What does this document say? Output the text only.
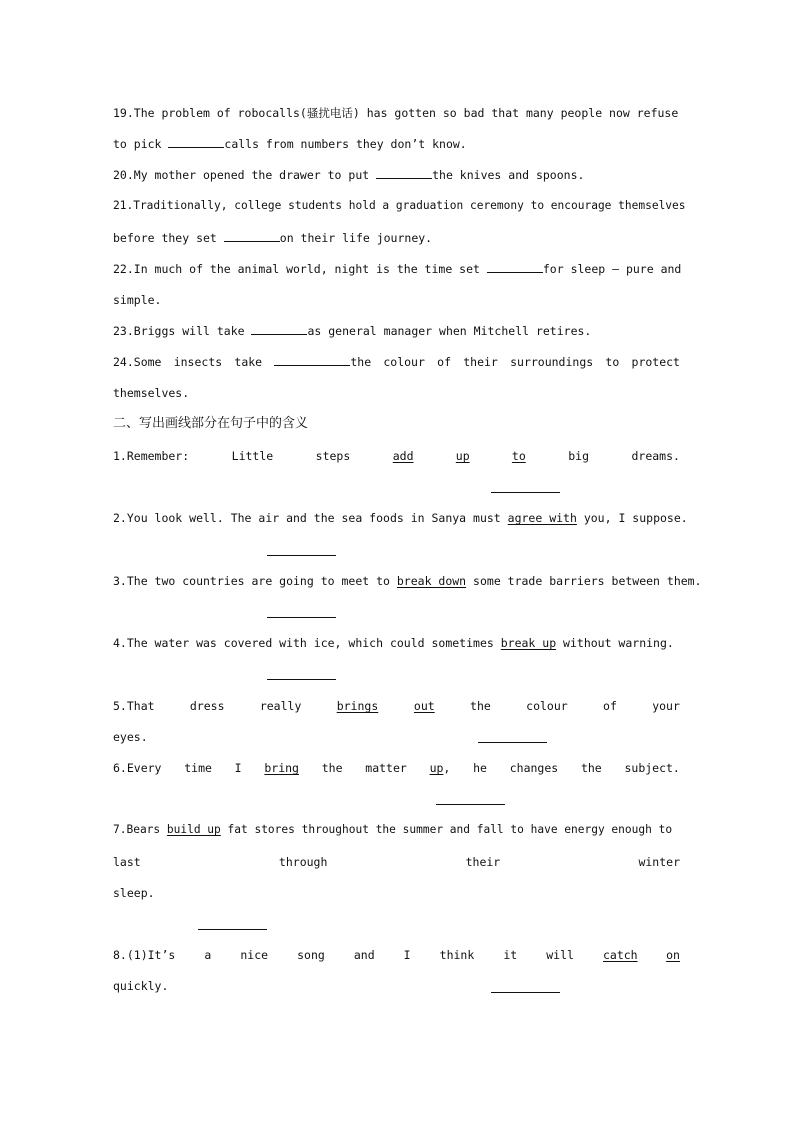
19.The problem of robocalls(骚扰电话) has gotten so bad that many people now refuse
to pick	calls from numbers they don’t know.
20.My mother opened the drawer to put	the knives and spoons.
21.Traditionally, college students hold a graduation ceremony to encourage themselves
before they set	on their life journey.
22.In much of the animal world, night is the time set	for sleep — pure and
simple.
23.Briggs will take	as general manager when Mitchell retires.
24.Some insects take	the colour of their surroundings to protect
themselves.
二、写出画线部分在句子中的含义
1.Remember:	Little	steps	add	up	to	big	dreams.
2.You look well. The air and the sea foods in Sanya must agree with you, I suppose.
3.The two countries are going to meet to break down some trade barriers between them.
4.The water was covered with ice, which could sometimes break up without warning.
5.That	dress	really	brings	out	the	colour	of	your
eyes.
6.Every time I bring the matter up, he changes the subject.
7.Bears build up fat stores throughout the summer and fall to have energy enough to
last	through	their	winter
sleep.
8.(1)It’s	a	nice	song	and	I	think	it	will	catch on
quickly.
